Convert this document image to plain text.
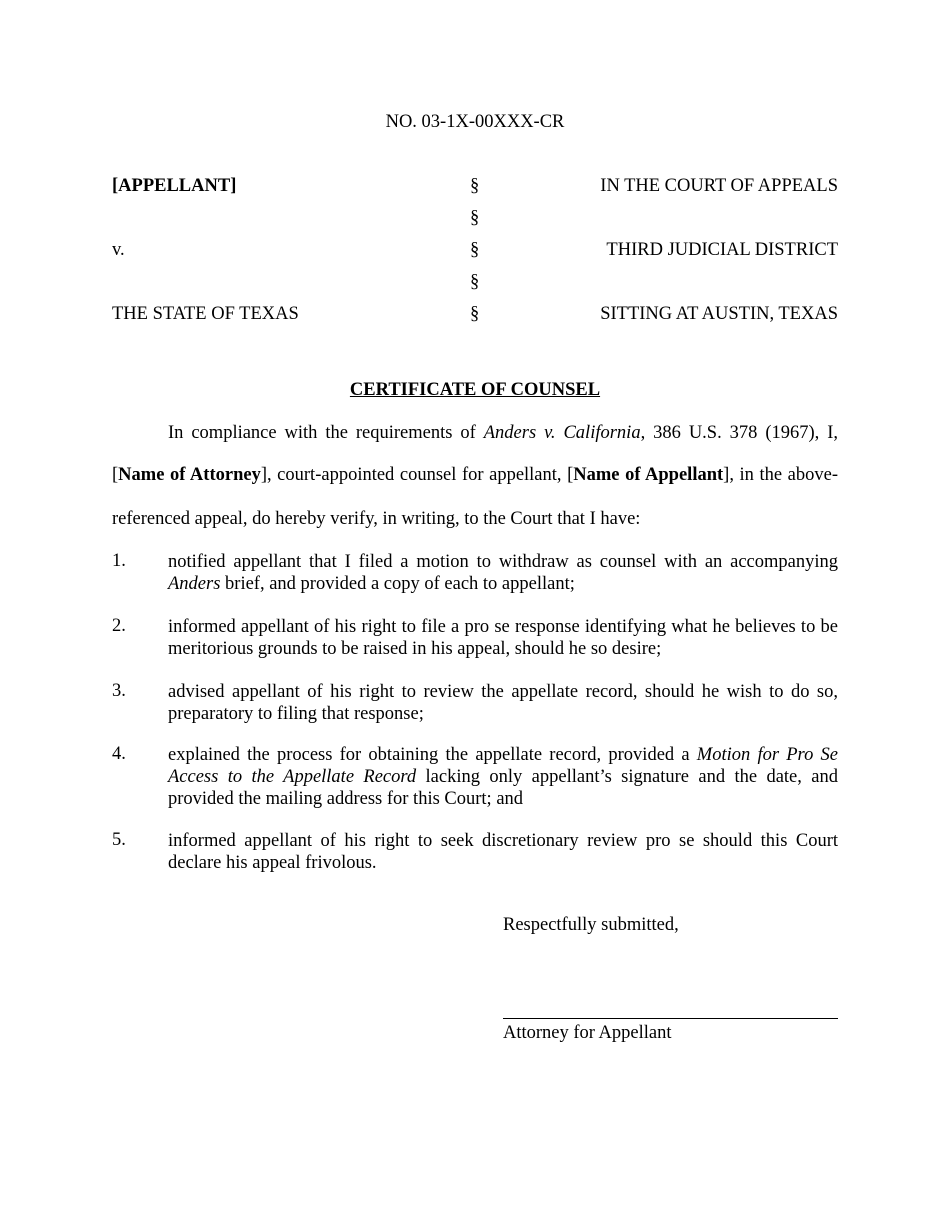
NO. 03-1X-00XXX-CR
[APPELLANT]
v.
THE STATE OF TEXAS
§
§
§
§
§
IN THE COURT OF APPEALS
THIRD JUDICIAL DISTRICT
SITTING AT AUSTIN, TEXAS
CERTIFICATE OF COUNSEL
In compliance with the requirements of Anders v. California, 386 U.S. 378 (1967), I,
[Name of Attorney], court-appointed counsel for appellant, [Name of Appellant], in the above-
referenced appeal, do hereby verify, in writing, to the Court that I have:
1. notified appellant that I filed a motion to withdraw as counsel with an accompanying Anders brief, and provided a copy of each to appellant;
2. informed appellant of his right to file a pro se response identifying what he believes to be meritorious grounds to be raised in his appeal, should he so desire;
3. advised appellant of his right to review the appellate record, should he wish to do so, preparatory to filing that response;
4. explained the process for obtaining the appellate record, provided a Motion for Pro Se Access to the Appellate Record lacking only appellant’s signature and the date, and provided the mailing address for this Court; and
5. informed appellant of his right to seek discretionary review pro se should this Court declare his appeal frivolous.
Respectfully submitted,
Attorney for Appellant
